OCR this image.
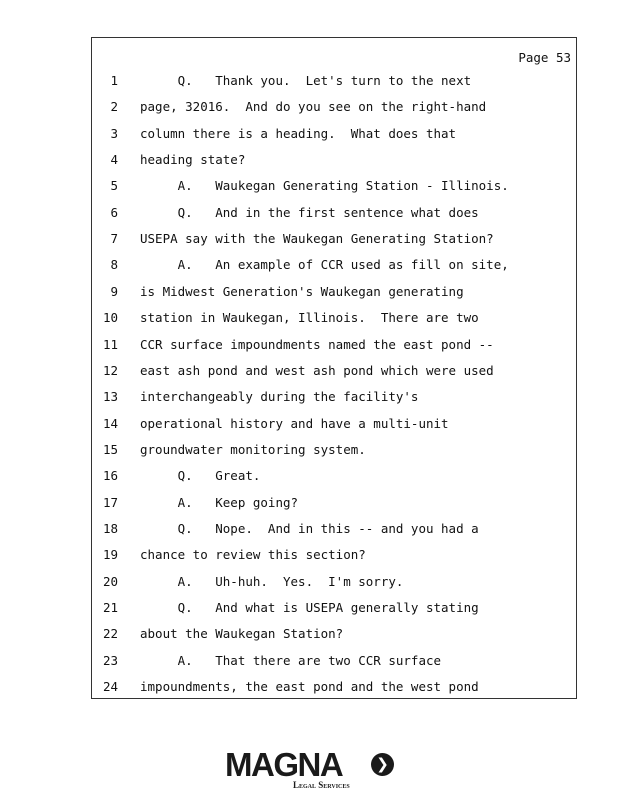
Page 53
1 Q.   Thank you.  Let's turn to the next
2 page, 32016.  And do you see on the right-hand
3 column there is a heading.  What does that
4 heading state?
5 A.   Waukegan Generating Station - Illinois.
6 Q.   And in the first sentence what does
7 USEPA say with the Waukegan Generating Station?
8 A.   An example of CCR used as fill on site,
9 is Midwest Generation's Waukegan generating
10 station in Waukegan, Illinois.  There are two
11 CCR surface impoundments named the east pond --
12 east ash pond and west ash pond which were used
13 interchangeably during the facility's
14 operational history and have a multi-unit
15 groundwater monitoring system.
16 Q.   Great.
17 A.   Keep going?
18 Q.   Nope.  And in this -- and you had a
19 chance to review this section?
20 A.   Uh-huh.  Yes.  I'm sorry.
21 Q.   And what is USEPA generally stating
22 about the Waukegan Station?
23 A.   That there are two CCR surface
24 impoundments, the east pond and the west pond
MAGNA	❯
Legal Services
